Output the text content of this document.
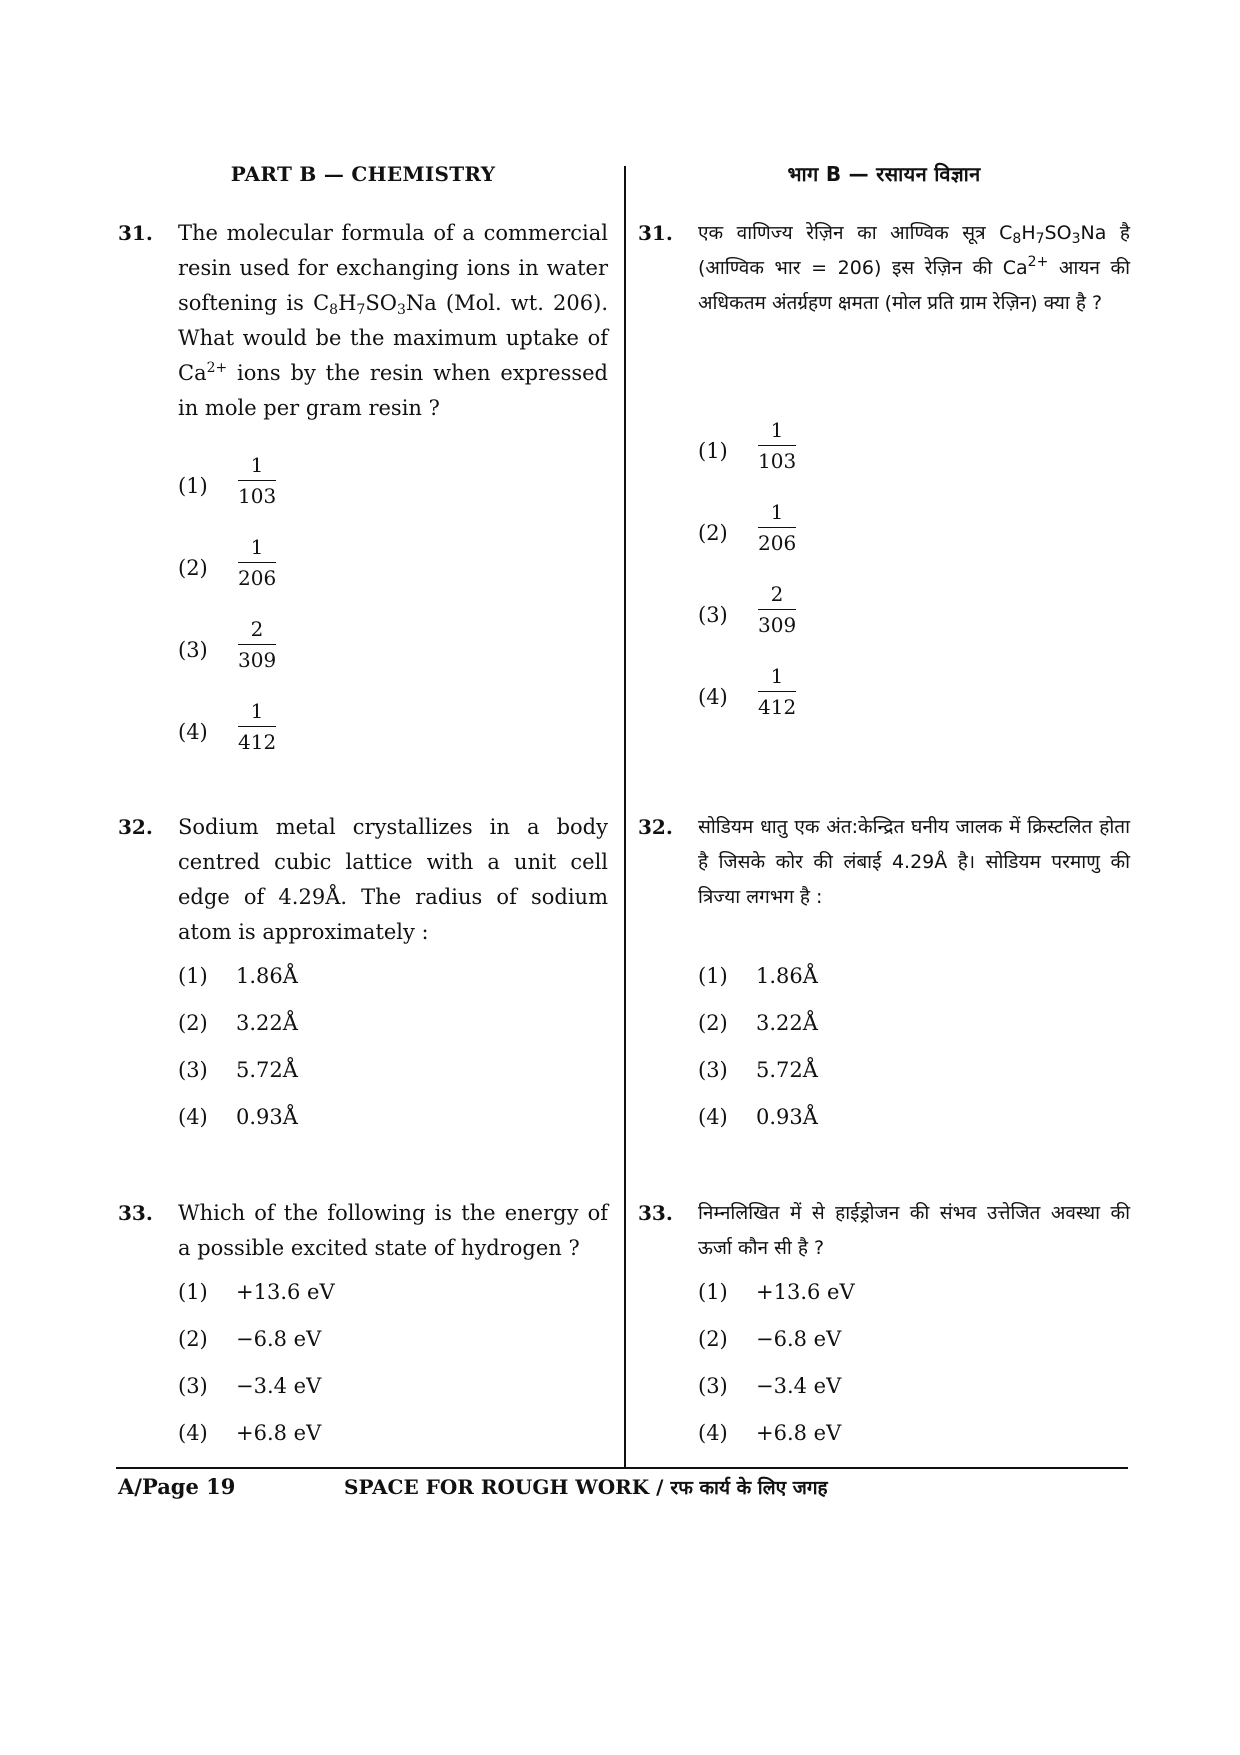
PART B — CHEMISTRY
31. The molecular formula of a commercial resin used for exchanging ions in water softening is $C_8H_7SO_3Na$ (Mol. wt. 206). What would be the maximum uptake of $Ca^{2+}$ ions by the resin when expressed in mole per gram resin ?
(1)
1
103
(2)
1
206
(3)
2
309
(4)
1
412
32. Sodium metal crystallizes in a body centred cubic lattice with a unit cell edge of 4.29Å. The radius of sodium atom is approximately :
(1) 1.86Å
(2) 3.22Å
(3) 5.72Å
(4) 0.93Å
33. Which of the following is the energy of a possible excited state of hydrogen ?
(1) +13.6 eV
(2) −6.8 eV
(3) −3.4 eV
(4) +6.8 eV
भाग B — रसायन विज्ञान
31. एक वाणिज्य रेज़िन का आण्विक सूत्र $C_8H_7SO_3Na$ है (आण्विक भार = 206) इस रेज़िन की $Ca^{2+}$ आयन की अधिकतम अंतर्ग्रहण क्षमता (मोल प्रति ग्राम रेज़िन) क्या है ?
(1)
1
103
(2)
1
206
(3)
2
309
(4)
1
412
32. सोडियम धातु एक अंत:केन्द्रित घनीय जालक में क्रिस्टलित होता है जिसके कोर की लंबाई 4.29Å है। सोडियम परमाणु की त्रिज्या लगभग है :
(1) 1.86Å
(2) 3.22Å
(3) 5.72Å
(4) 0.93Å
33. निम्नलिखित में से हाईड्रोजन की संभव उत्तेजित अवस्था की ऊर्जा कौन सी है ?
(1) +13.6 eV
(2) −6.8 eV
(3) −3.4 eV
(4) +6.8 eV
A/Page 19	SPACE FOR ROUGH WORK / रफ कार्य के लिए जगह
